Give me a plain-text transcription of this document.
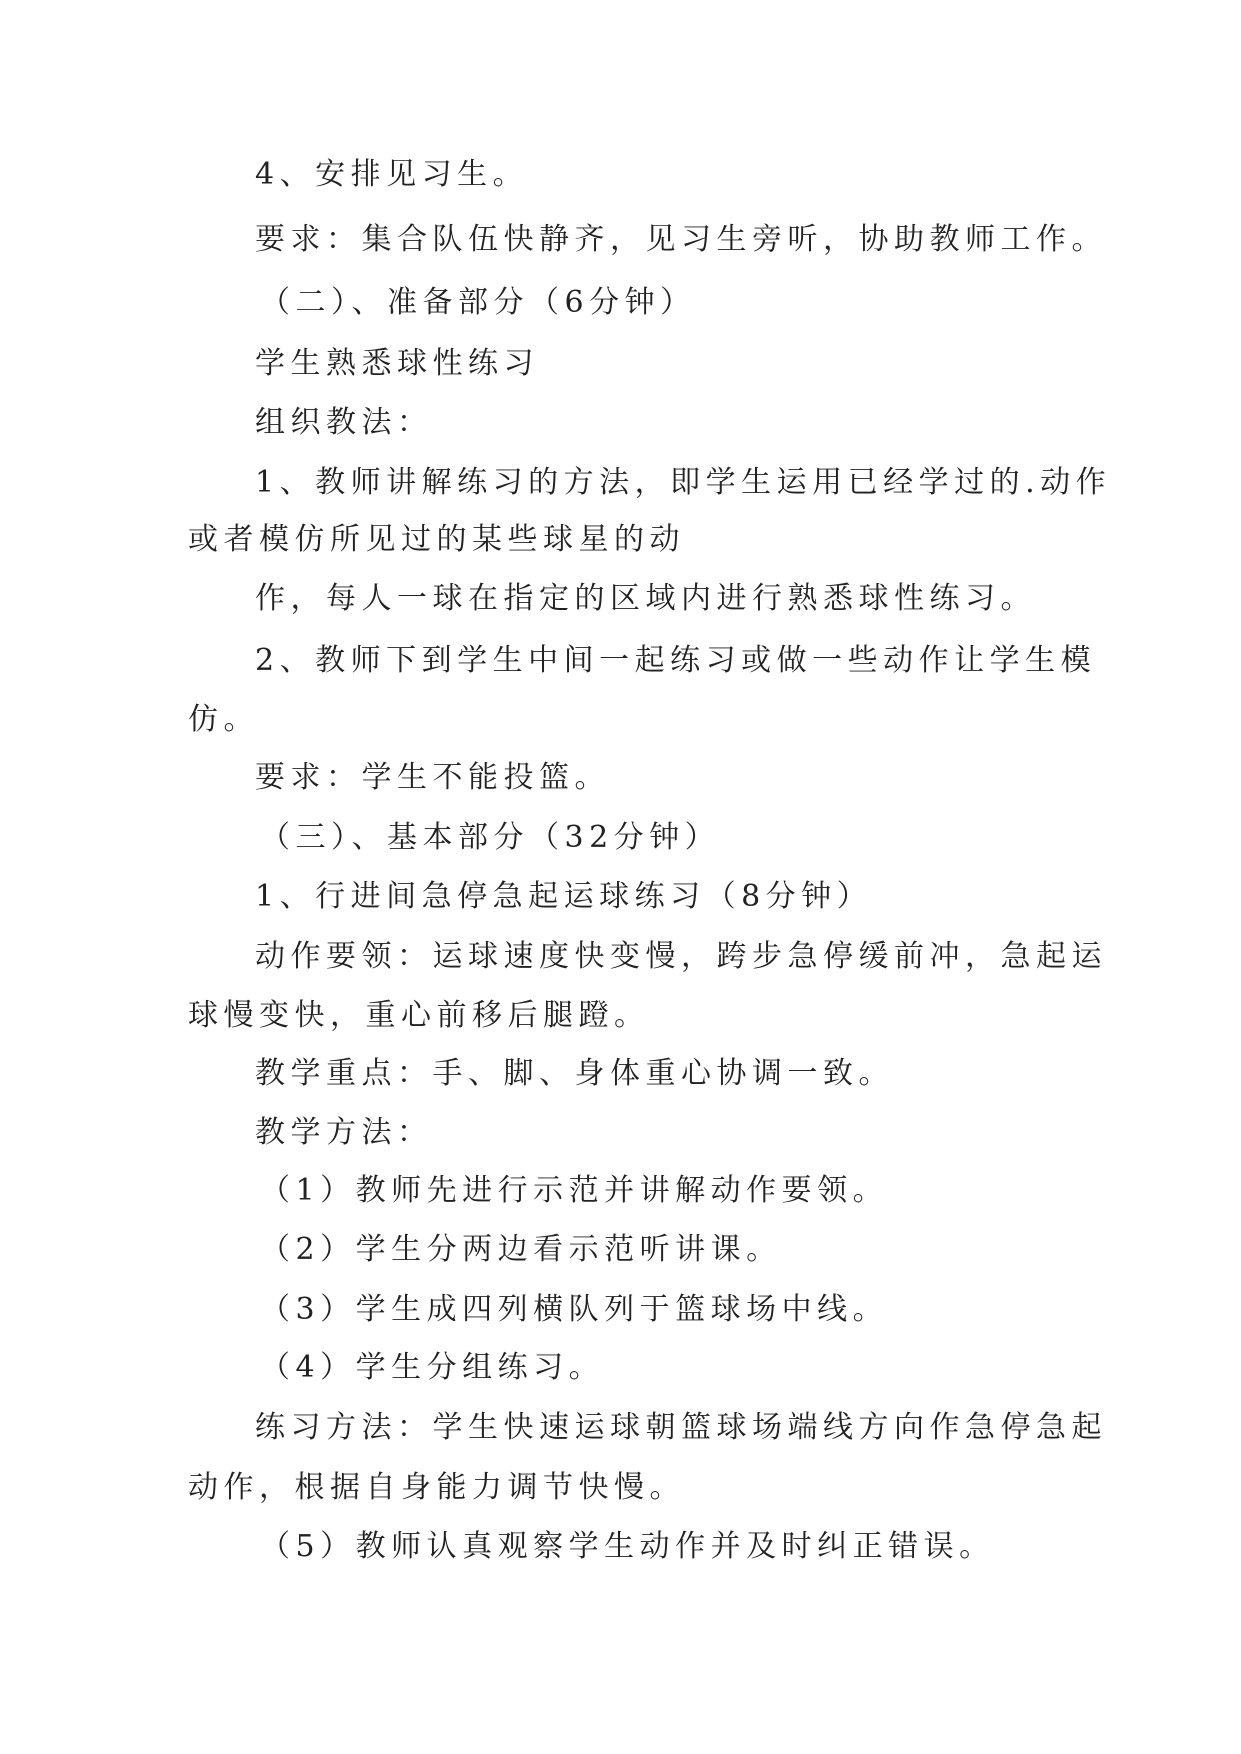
4、安排见习生。
要求：集合队伍快静齐，见习生旁听，协助教师工作。
（二）、准备部分（6分钟）
学生熟悉球性练习
组织教法：
1、教师讲解练习的方法，即学生运用已经学过的.动作
或者模仿所见过的某些球星的动
作，每人一球在指定的区域内进行熟悉球性练习。
2、教师下到学生中间一起练习或做一些动作让学生模
仿。
要求：学生不能投篮。
（三）、基本部分（32分钟）
1、行进间急停急起运球练习（8分钟）
动作要领：运球速度快变慢，跨步急停缓前冲，急起运
球慢变快，重心前移后腿蹬。
教学重点：手、脚、身体重心协调一致。
教学方法：
（1）教师先进行示范并讲解动作要领。
（2）学生分两边看示范听讲课。
（3）学生成四列横队列于篮球场中线。
（4）学生分组练习。
练习方法：学生快速运球朝篮球场端线方向作急停急起
动作，根据自身能力调节快慢。
（5）教师认真观察学生动作并及时纠正错误。
